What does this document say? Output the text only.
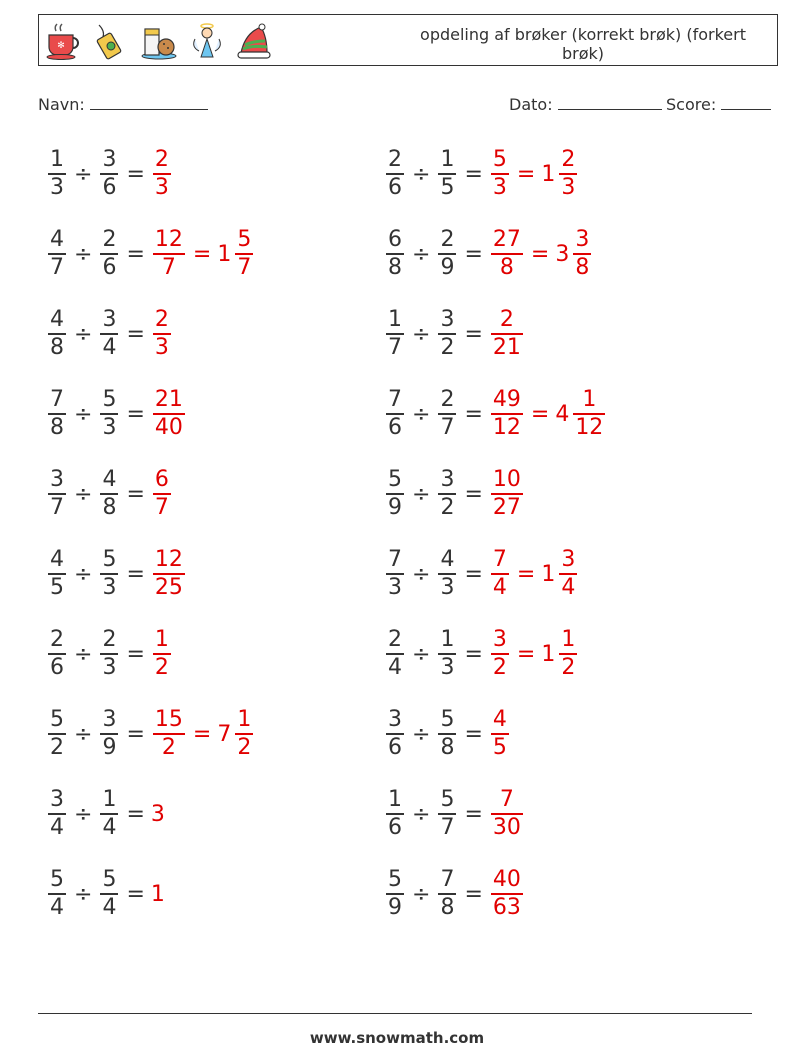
✻
opdeling af brøker (korrekt brøk) (forkert brøk)
Navn:	Dato:	Score:
$\frac{1}{3} \div \frac{3}{6} = \frac{2}{3}$	$\frac{2}{6} \div \frac{1}{5} = \frac{5}{3} = 1 \frac{2}{3}$
$\frac{4}{7} \div \frac{2}{6} = \frac{12}{7} = 1 \frac{5}{7}$	$\frac{6}{8} \div \frac{2}{9} = \frac{27}{8} = 3 \frac{3}{8}$
$\frac{4}{8} \div \frac{3}{4} = \frac{2}{3}$	$\frac{1}{7} \div \frac{3}{2} = \frac{2}{21}$
$\frac{7}{8} \div \frac{5}{3} = \frac{21}{40}$	$\frac{7}{6} \div \frac{2}{7} = \frac{49}{12} = 4 \frac{1}{12}$
$\frac{3}{7} \div \frac{4}{8} = \frac{6}{7}$	$\frac{5}{9} \div \frac{3}{2} = \frac{10}{27}$
$\frac{4}{5} \div \frac{5}{3} = \frac{12}{25}$	$\frac{7}{3} \div \frac{4}{3} = \frac{7}{4} = 1 \frac{3}{4}$
$\frac{2}{6} \div \frac{2}{3} = \frac{1}{2}$	$\frac{2}{4} \div \frac{1}{3} = \frac{3}{2} = 1 \frac{1}{2}$
$\frac{5}{2} \div \frac{3}{9} = \frac{15}{2} = 7 \frac{1}{2}$	$\frac{3}{6} \div \frac{5}{8} = \frac{4}{5}$
$\frac{3}{4} \div \frac{1}{4} = 3$	$\frac{1}{6} \div \frac{5}{7} = \frac{7}{30}$
$\frac{5}{4} \div \frac{5}{4} = 1$	$\frac{5}{9} \div \frac{7}{8} = \frac{40}{63}$
www.snowmath.com
